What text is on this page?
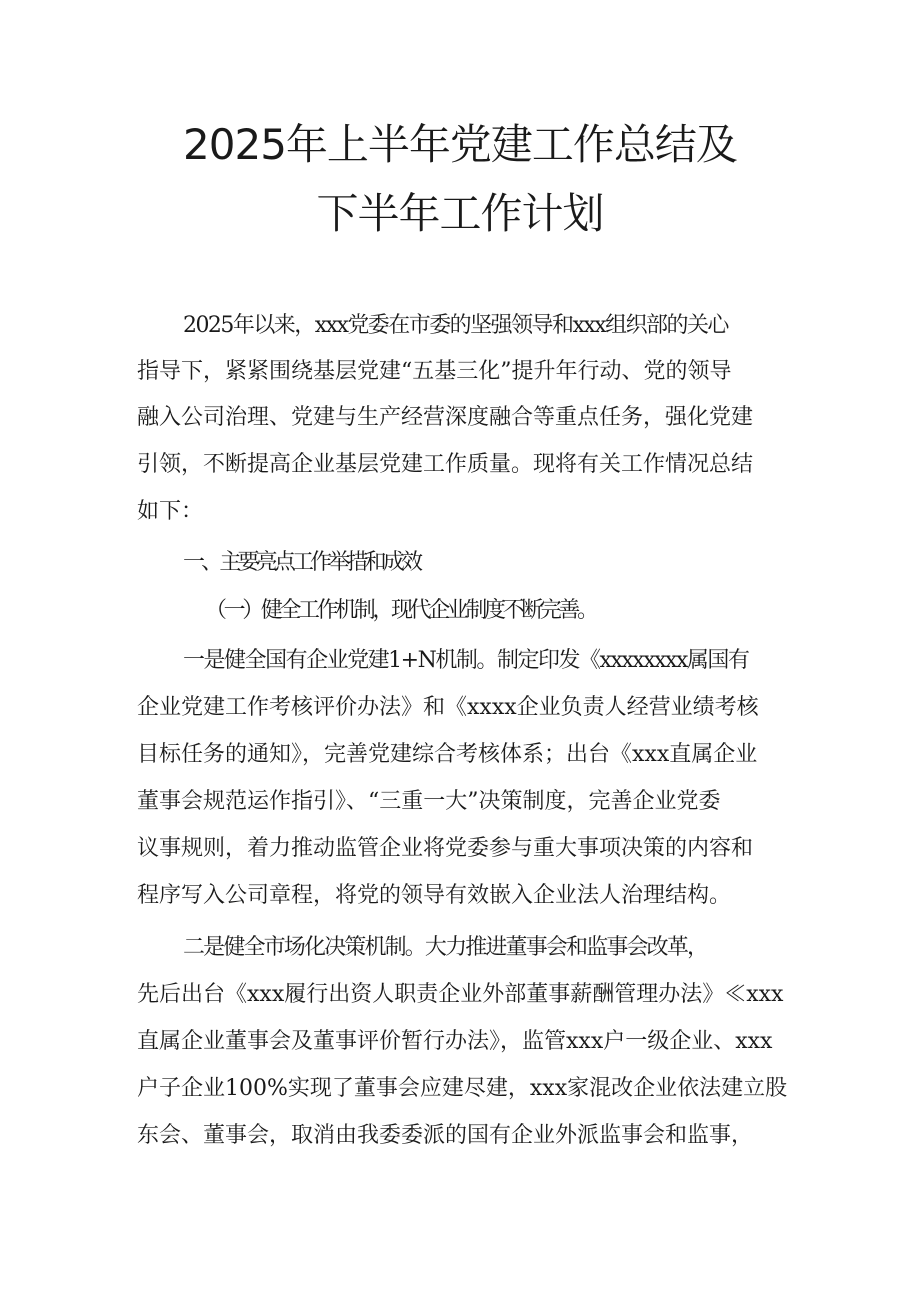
2025年上半年党建工作总结及
下半年工作计划
2025年以来，xxx党委在市委的坚强领导和xxx组织部的关心
指导下，紧紧围绕基层党建“五基三化”提升年行动、党的领导
融入公司治理、党建与生产经营深度融合等重点任务，强化党建
引领，不断提高企业基层党建工作质量。现将有关工作情况总结
如下：
一、主要亮点工作举措和成效
（一）健全工作机制，现代企业制度不断完善。
一是健全国有企业党建1+N机制。制定印发《xxxxxxxx属国有
企业党建工作考核评价办法》和《xxxx企业负责人经营业绩考核
目标任务的通知》，完善党建综合考核体系；出台《xxx直属企业
董事会规范运作指引》、“三重一大”决策制度，完善企业党委
议事规则，着力推动监管企业将党委参与重大事项决策的内容和
程序写入公司章程，将党的领导有效嵌入企业法人治理结构。
二是健全市场化决策机制。大力推进董事会和监事会改革，
先后出台《xxx履行出资人职责企业外部董事薪酬管理办法》≪xxx
直属企业董事会及董事评价暂行办法》，监管xxx户一级企业、xxx
户子企业100%实现了董事会应建尽建，xxx家混改企业依法建立股
东会、董事会，取消由我委委派的国有企业外派监事会和监事，
